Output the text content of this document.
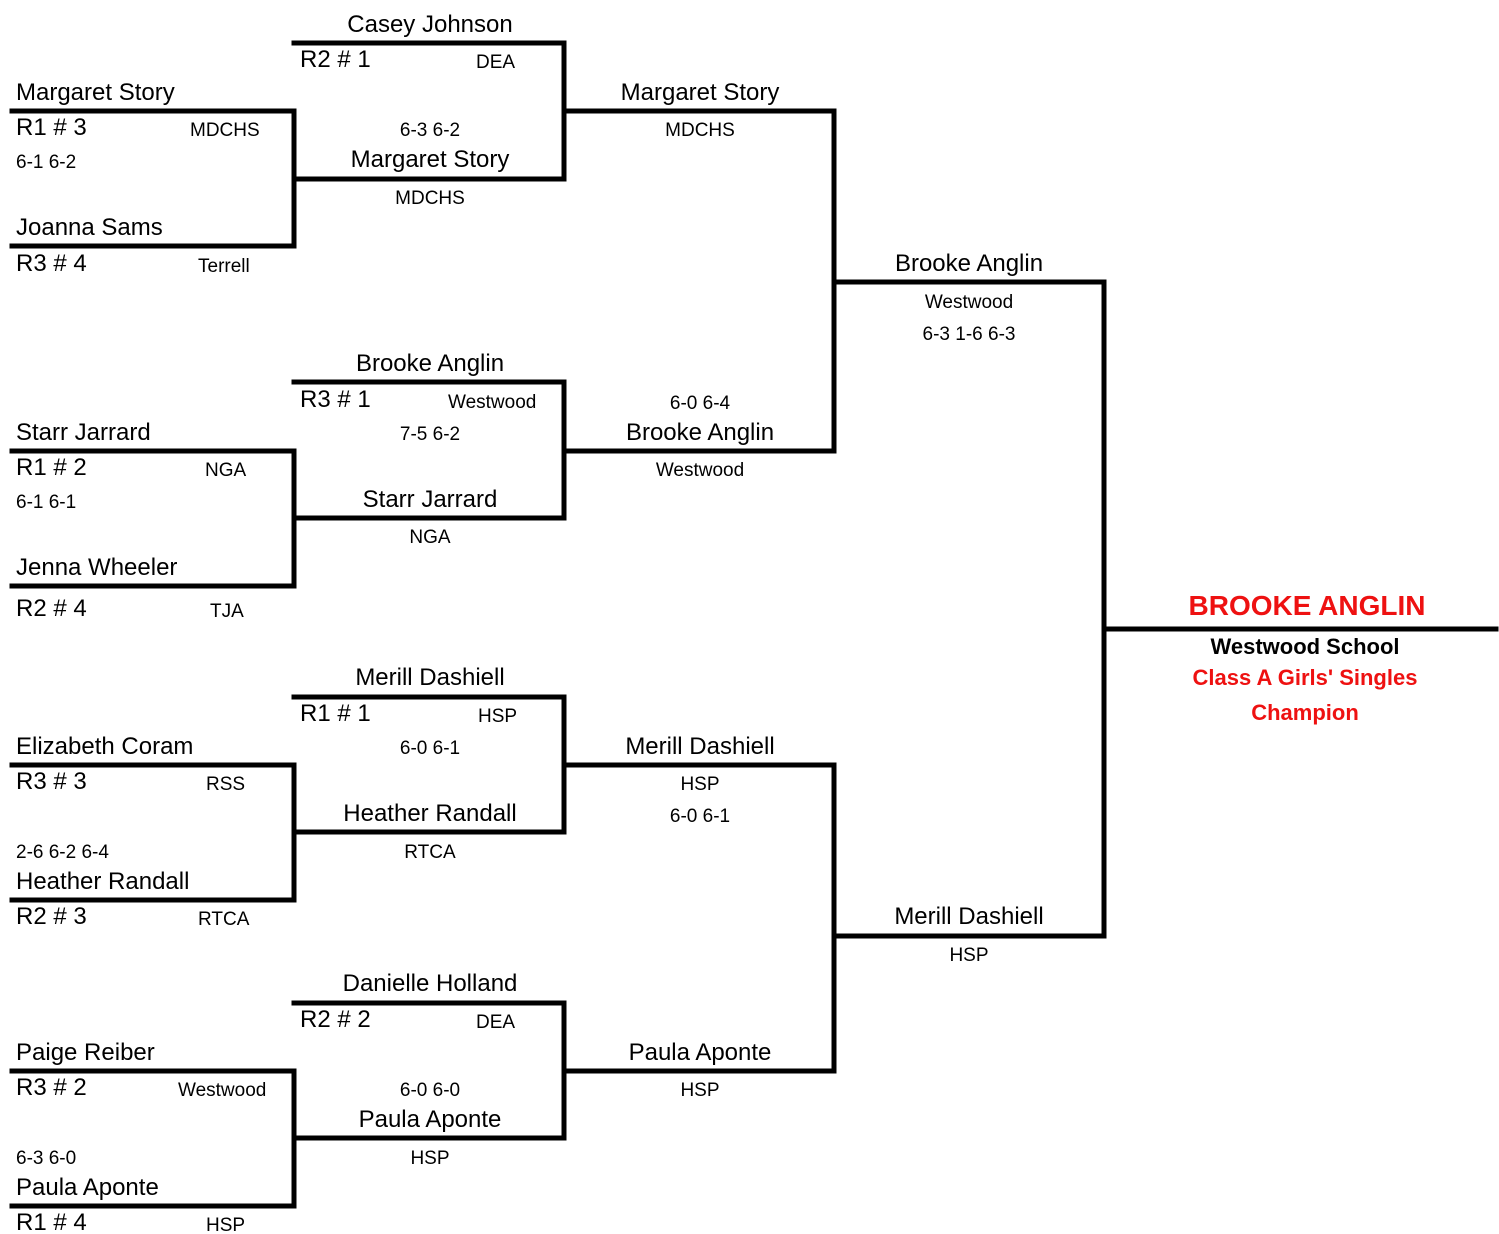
Margaret Story
R1 # 3	MDCHS
6-1 6-2
Joanna Sams
R3 # 4	Terrell
Starr Jarrard
R1 # 2	NGA
6-1 6-1
Jenna Wheeler
R2 # 4	TJA
Elizabeth Coram
R3 # 3	RSS
2-6 6-2 6-4
Heather Randall
R2 # 3	RTCA
Paige Reiber
R3 # 2	Westwood
6-3 6-0
Paula Aponte
R1 # 4	HSP
Casey Johnson
R2 # 1	DEA
6-3 6-2
Margaret Story
MDCHS
Brooke Anglin
R3 # 1	Westwood
7-5 6-2
Starr Jarrard
NGA
Merill Dashiell
R1 # 1	HSP
6-0 6-1
Heather Randall
RTCA
Danielle Holland
R2 # 2	DEA
6-0 6-0
Paula Aponte
HSP
Margaret Story
MDCHS
6-0 6-4
Brooke Anglin
Westwood
Merill Dashiell
HSP
6-0 6-1
Paula Aponte
HSP
Brooke Anglin
Westwood
6-3 1-6 6-3
Merill Dashiell
HSP
BROOKE ANGLIN
Westwood School
Class A Girls' Singles
Champion
